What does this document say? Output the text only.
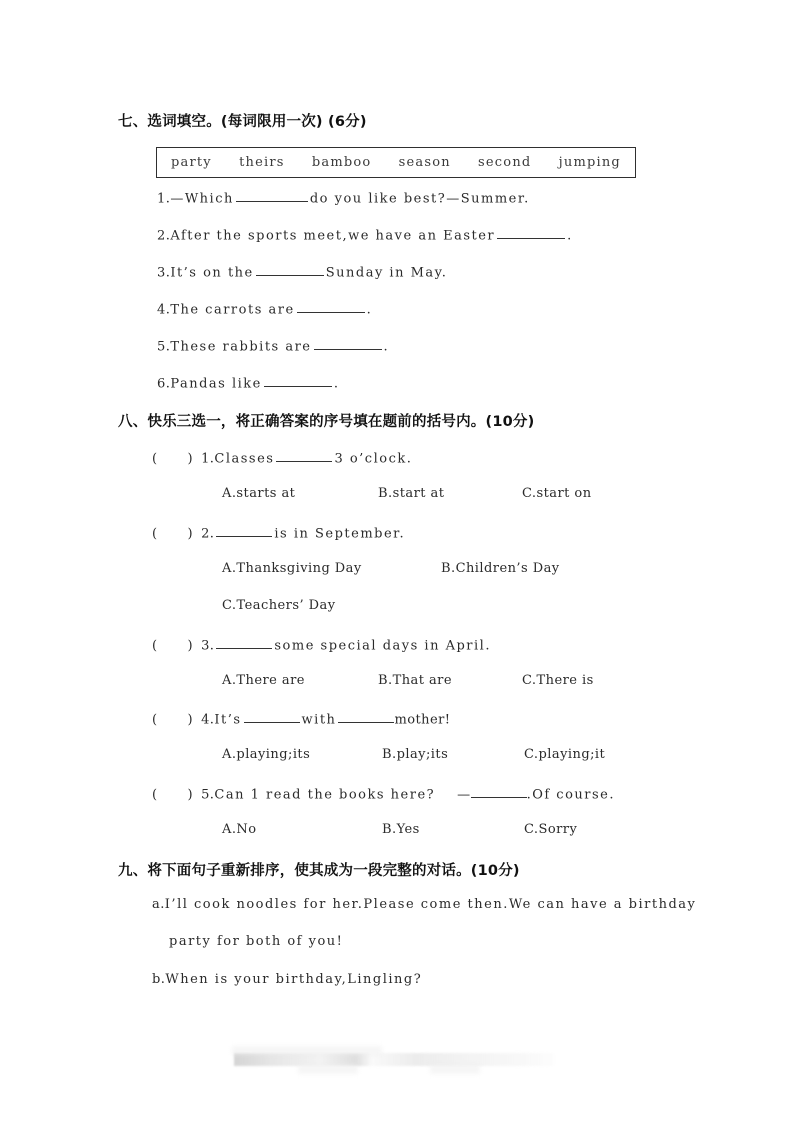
七、选词填空。(每词限用一次) (6分)
party theirs bamboo season second jumping
1.—Which	do you like best?—Summer.
2.After the sports meet,we have an Easter	.
3.It’s on the	Sunday in May.
4.The carrots are	.
5.These rabbits are	.
6.Pandas like	.
八、快乐三选一，将正确答案的序号填在题前的括号内。(10分)
( ) 1.Classes	3 o’clock.
A.starts at	B.start at	C.start on
( ) 2.	is in September.
A.Thanksgiving Day	B.Children’s Day
C.Teachers’ Day
( ) 3.	some special days in April.
A.There are	B.That are	C.There is
( ) 4.It’s	with	mother!
A.playing;its	B.play;its	C.playing;it
( ) 5.Can 1 read the books here? —	.Of course.
A.No	B.Yes	C.Sorry
九、将下面句子重新排序，使其成为一段完整的对话。(10分)
a.I’ll cook noodles for her.Please come then.We can have a birthday
party for both of you!
b.When is your birthday,Lingling?
